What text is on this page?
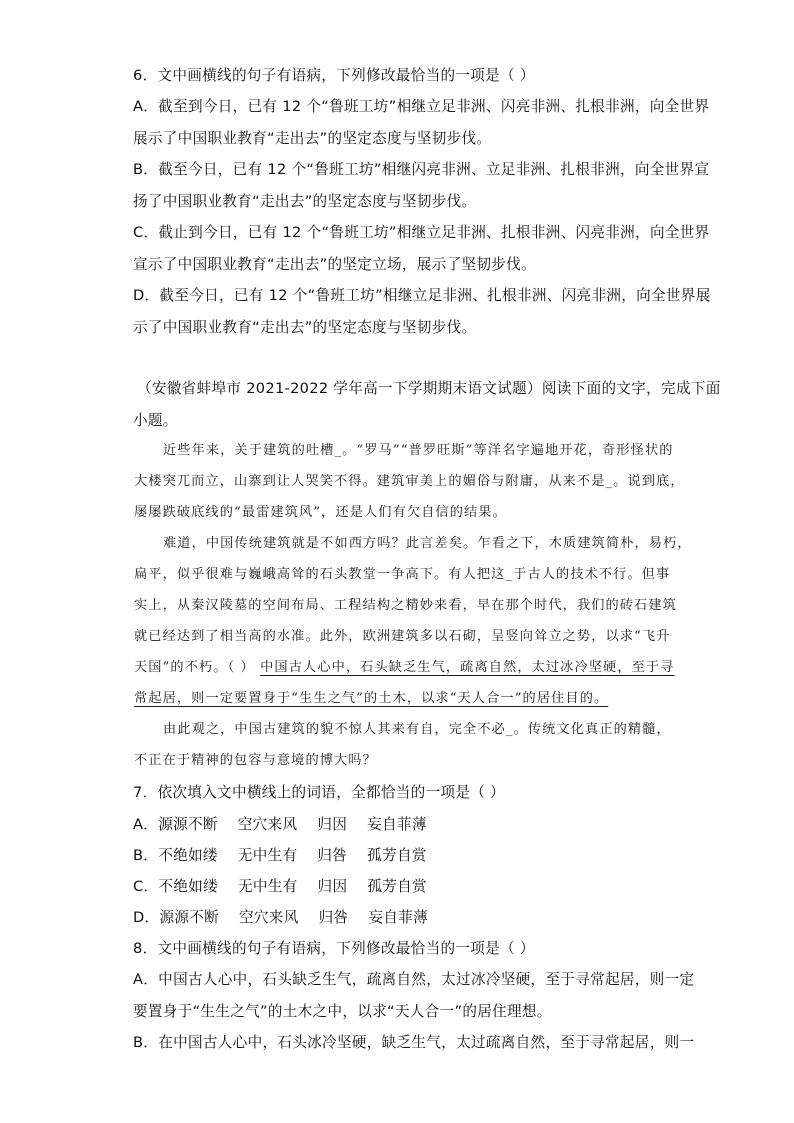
6．文中画横线的句子有语病，下列修改最恰当的一项是（ ）
A．截至到今日，已有 12 个“鲁班工坊”相继立足非洲、闪亮非洲、扎根非洲，向全世界
展示了中国职业教育“走出去”的坚定态度与坚韧步伐。
B．截至今日，已有 12 个“鲁班工坊”相继闪亮非洲、立足非洲、扎根非洲，向全世界宣
扬了中国职业教育“走出去”的坚定态度与坚韧步伐。
C．截止到今日，已有 12 个“鲁班工坊”相继立足非洲、扎根非洲、闪亮非洲，向全世界
宣示了中国职业教育“走出去”的坚定立场，展示了坚韧步伐。
D．截至今日，已有 12 个“鲁班工坊”相继立足非洲、扎根非洲、闪亮非洲，向全世界展
示了中国职业教育“走出去”的坚定态度与坚韧步伐。
（安徽省蚌埠市 2021-2022 学年高一下学期期末语文试题）阅读下面的文字，完成下面
小题。
近些年来，关于建筑的吐槽_。“罗马”“普罗旺斯”等洋名字遍地开花，奇形怪状的
大楼突兀而立，山寨到让人哭笑不得。建筑审美上的媚俗与附庸，从来不是_。说到底，
屡屡跌破底线的“最雷建筑风”，还是人们有欠自信的结果。
难道，中国传统建筑就是不如西方吗？此言差矣。乍看之下，木质建筑简朴，易朽，
扁平，似乎很难与巍峨高耸的石头教堂一争高下。有人把这_于古人的技术不行。但事
实上，从秦汉陵墓的空间布局、工程结构之精妙来看，早在那个时代，我们的砖石建筑
就已经达到了相当高的水准。此外，欧洲建筑多以石砌，呈竖向耸立之势，以求“飞升
天国”的不朽。（ ） 中国古人心中，石头缺乏生气，疏离自然，太过冰冷坚硬，至于寻
常起居，则一定要置身于“生生之气”的土木，以求“天人合一”的居住目的。
由此观之，中国古建筑的貌不惊人其来有自，完全不必_。传统文化真正的精髓，
不正在于精神的包容与意境的博大吗？
7．依次填入文中横线上的词语，全都恰当的一项是（ ）
A．源源不断 空穴来风 归因 妄自菲薄
B．不绝如缕 无中生有 归咎 孤芳自赏
C．不绝如缕 无中生有 归因 孤芳自赏
D．源源不断 空穴来风 归咎 妄自菲薄
8．文中画横线的句子有语病，下列修改最恰当的一项是（ ）
A．中国古人心中，石头缺乏生气，疏离自然，太过冰冷坚硬，至于寻常起居，则一定
要置身于“生生之气”的土木之中，以求“天人合一”的居住理想。
B．在中国古人心中，石头冰冷坚硬，缺乏生气，太过疏离自然，至于寻常起居，则一
